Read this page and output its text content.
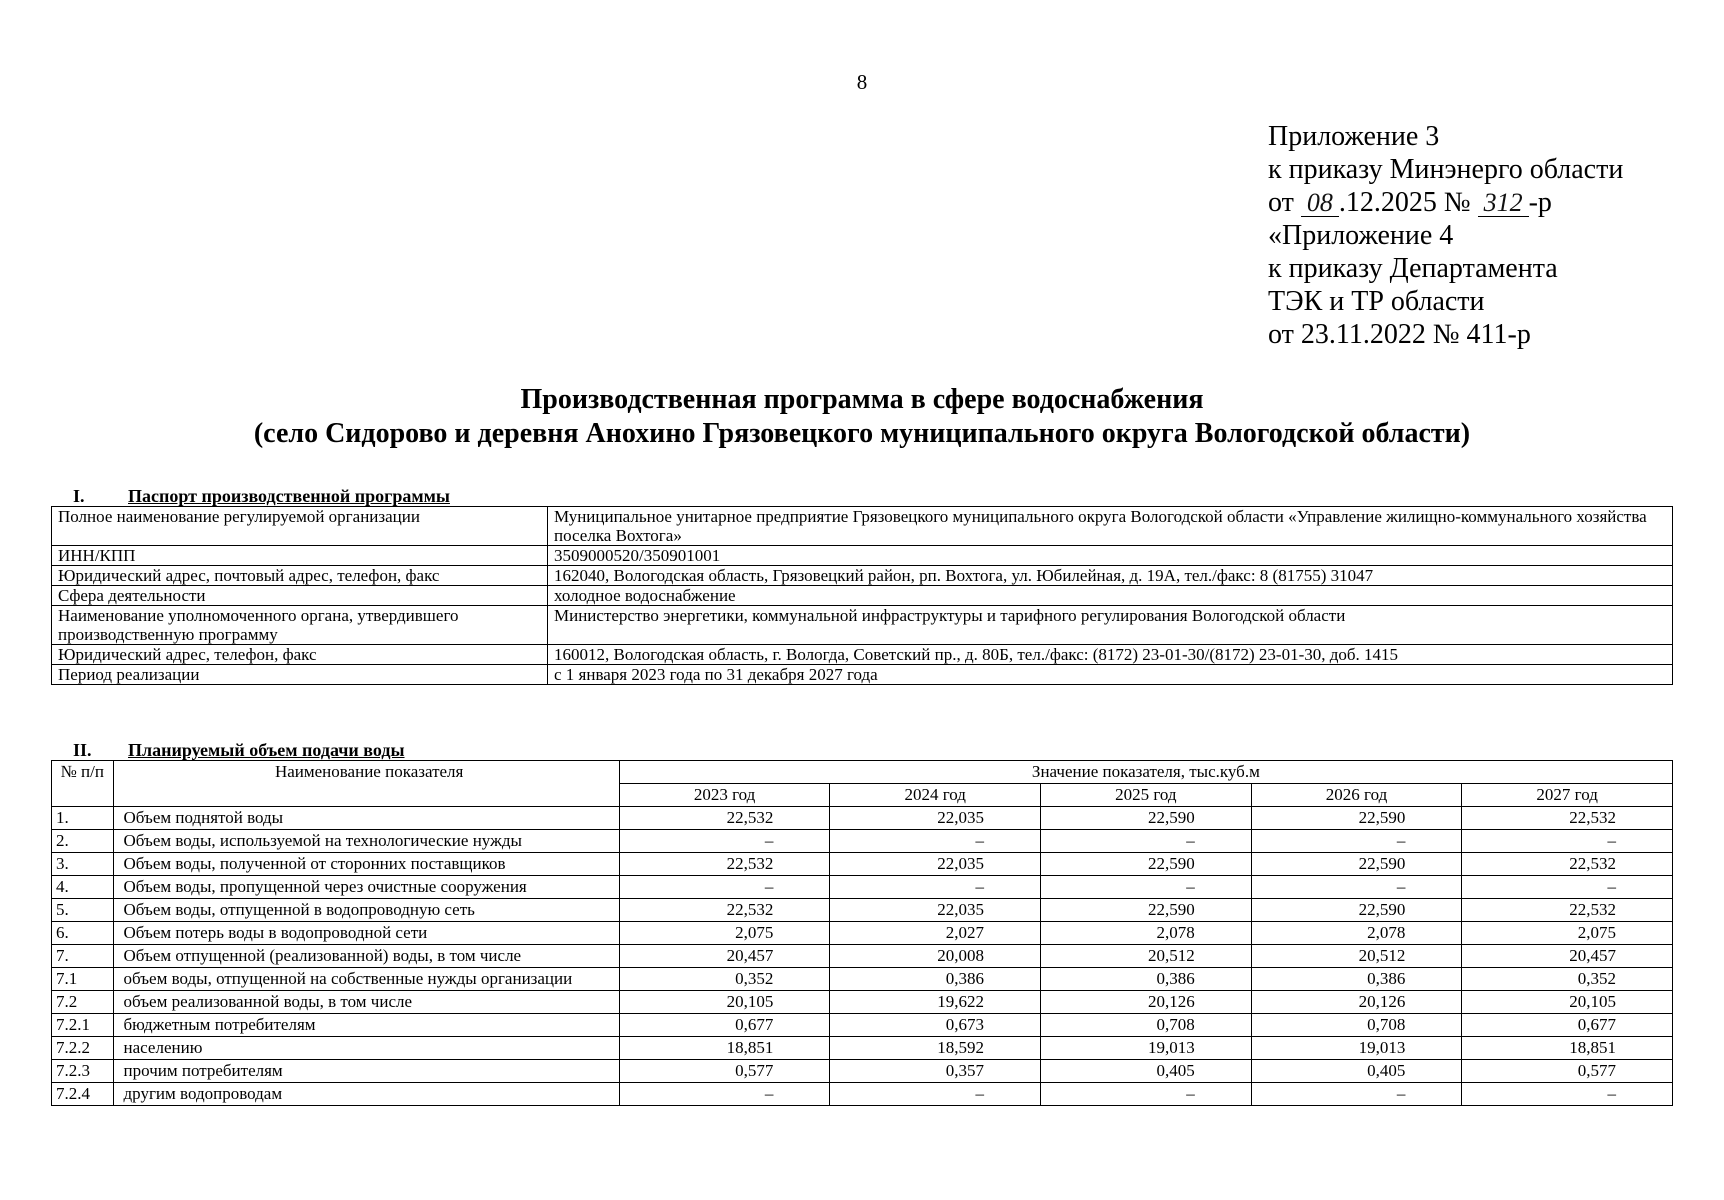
8
Приложение 3
к приказу Минэнерго области
от 08 .12.2025 № 312 -р
«Приложение 4
к приказу Департамента
ТЭК и ТР области
от 23.11.2022 № 411-р
Производственная программа в сфере водоснабжения
(село Сидорово и деревня Анохино Грязовецкого муниципального округа Вологодской области)
I. Паспорт производственной программы
Полное наименование регулируемой организации	Муниципальное унитарное предприятие Грязовецкого муниципального округа Вологодской области «Управление жилищно-коммунального хозяйства поселка Вохтога»
ИНН/КПП	3509000520/350901001
Юридический адрес, почтовый адрес, телефон, факс	162040, Вологодская область, Грязовецкий район, рп. Вохтога, ул. Юбилейная, д. 19А, тел./факс: 8 (81755) 31047
Сфера деятельности	холодное водоснабжение
Наименование уполномоченного органа, утвердившего производственную программу	Министерство энергетики, коммунальной инфраструктуры и тарифного регулирования Вологодской области
Юридический адрес, телефон, факс	160012, Вологодская область, г. Вологда, Советский пр., д. 80Б, тел./факс: (8172) 23-01-30/(8172) 23-01-30, доб. 1415
Период реализации	с 1 января 2023 года по 31 декабря 2027 года
II. Планируемый объем подачи воды
№ п/п	Наименование показателя	Значение показателя, тыс.куб.м				
		2023 год	2024 год	2025 год	2026 год	2027 год
1.	Объем поднятой воды	22,532	22,035	22,590	22,590	22,532
2.	Объем воды, используемой на технологические нужды	–	–	–	–	–
3.	Объем воды, полученной от сторонних поставщиков	22,532	22,035	22,590	22,590	22,532
4.	Объем воды, пропущенной через очистные сооружения	–	–	–	–	–
5.	Объем воды, отпущенной в водопроводную сеть	22,532	22,035	22,590	22,590	22,532
6.	Объем потерь воды в водопроводной сети	2,075	2,027	2,078	2,078	2,075
7.	Объем отпущенной (реализованной) воды, в том числе	20,457	20,008	20,512	20,512	20,457
7.1	объем воды, отпущенной на собственные нужды организации	0,352	0,386	0,386	0,386	0,352
7.2	объем реализованной воды, в том числе	20,105	19,622	20,126	20,126	20,105
7.2.1	бюджетным потребителям	0,677	0,673	0,708	0,708	0,677
7.2.2	населению	18,851	18,592	19,013	19,013	18,851
7.2.3	прочим потребителям	0,577	0,357	0,405	0,405	0,577
7.2.4	другим водопроводам	–	–	–	–	–
